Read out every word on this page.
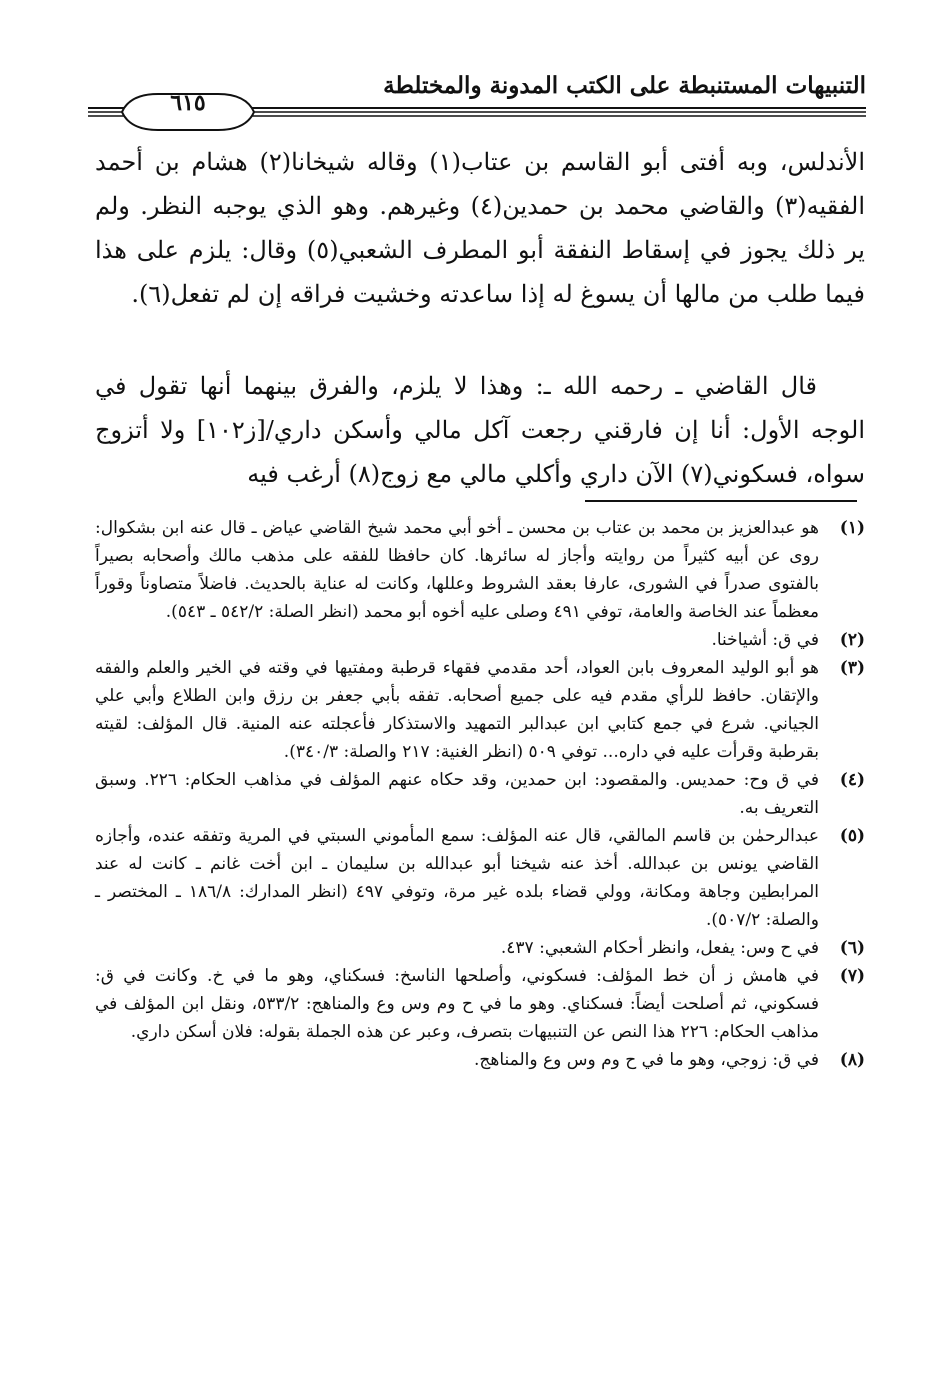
التنبيهات المستنبطة على الكتب المدونة والمختلطة
٦١٥

الأندلس، وبه أفتى أبو القاسم بن عتاب(١) وقاله شيخانا(٢) هشام بن أحمد الفقيه(٣) والقاضي محمد بن حمدين(٤) وغيرهم. وهو الذي يوجبه النظر. ولم ير ذلك يجوز في إسقاط النفقة أبو المطرف الشعبي(٥) وقال: يلزم على هذا فيما طلب من مالها أن يسوغ له إذا ساعدته وخشيت فراقه إن لم تفعل(٦).

قال القاضي ـ رحمه الله ـ: وهذا لا يلزم، والفرق بينهما أنها تقول في الوجه الأول: أنا إن فارقني رجعت آكل مالي وأسكن داري/[ز١٠٢] ولا أتزوج سواه، فسكوني(٧) الآن داري وأكلي مالي مع زوج(٨) أرغب فيه

(١)
هو عبدالعزيز بن محمد بن عتاب بن محسن ـ أخو أبي محمد شيخ القاضي عياض ـ قال عنه ابن بشكوال: روى عن أبيه كثيراً من روايته وأجاز له سائرها. كان حافظا للفقه على مذهب مالك وأصحابه بصيراً بالفتوى صدراً في الشورى، عارفا بعقد الشروط وعللها، وكانت له عناية بالحديث. فاضلاً متصاوناً وقوراً معظماً عند الخاصة والعامة، توفي ٤٩١ وصلى عليه أخوه أبو محمد (انظر الصلة: ٥٤٢/٢ ـ ٥٤٣).
(٢)
في ق: أشياخنا.
(٣)
هو أبو الوليد المعروف بابن العواد، أحد مقدمي فقهاء قرطبة ومفتيها في وقته في الخير والعلم والفقه والإتقان. حافظ للرأي مقدم فيه على جميع أصحابه. تفقه بأبي جعفر بن رزق وابن الطلاع وأبي علي الجياني. شرع في جمع كتابي ابن عبدالبر التمهيد والاستذكار فأعجلته عنه المنية. قال المؤلف: لقيته بقرطبة وقرأت عليه في داره... توفي ٥٠٩ (انظر الغنية: ٢١٧ والصلة: ٣٤٠/٣).
(٤)
في ق وح: حمديس. والمقصود: ابن حمدين، وقد حكاه عنهم المؤلف في مذاهب الحكام: ٢٢٦. وسبق التعريف به.
(٥)
عبدالرحمٰن بن قاسم المالقي، قال عنه المؤلف: سمع المأموني السبتي في المرية وتفقه عنده، وأجازه القاضي يونس بن عبدالله. أخذ عنه شيخنا أبو عبدالله بن سليمان ـ ابن أخت غانم ـ كانت له عند المرابطين وجاهة ومكانة، وولي قضاء بلده غير مرة، وتوفي ٤٩٧ (انظر المدارك: ١٨٦/٨ ـ المختصر ـ والصلة: ٥٠٧/٢).
(٦)
في ح وس: يفعل، وانظر أحكام الشعبي: ٤٣٧.
(٧)
في هامش ز أن خط المؤلف: فسكوني، وأصلحها الناسخ: فسكناي، وهو ما في خ. وكانت في ق: فسكوني، ثم أصلحت أيضاً: فسكناي. وهو ما في ح وم وس وع والمناهج: ٥٣٣/٢، ونقل ابن المؤلف في مذاهب الحكام: ٢٢٦ هذا النص عن التنبيهات بتصرف، وعبر عن هذه الجملة بقوله: فلان أسكن داري.
(٨)
في ق: زوجي، وهو ما في ح وم وس وع والمناهج.
